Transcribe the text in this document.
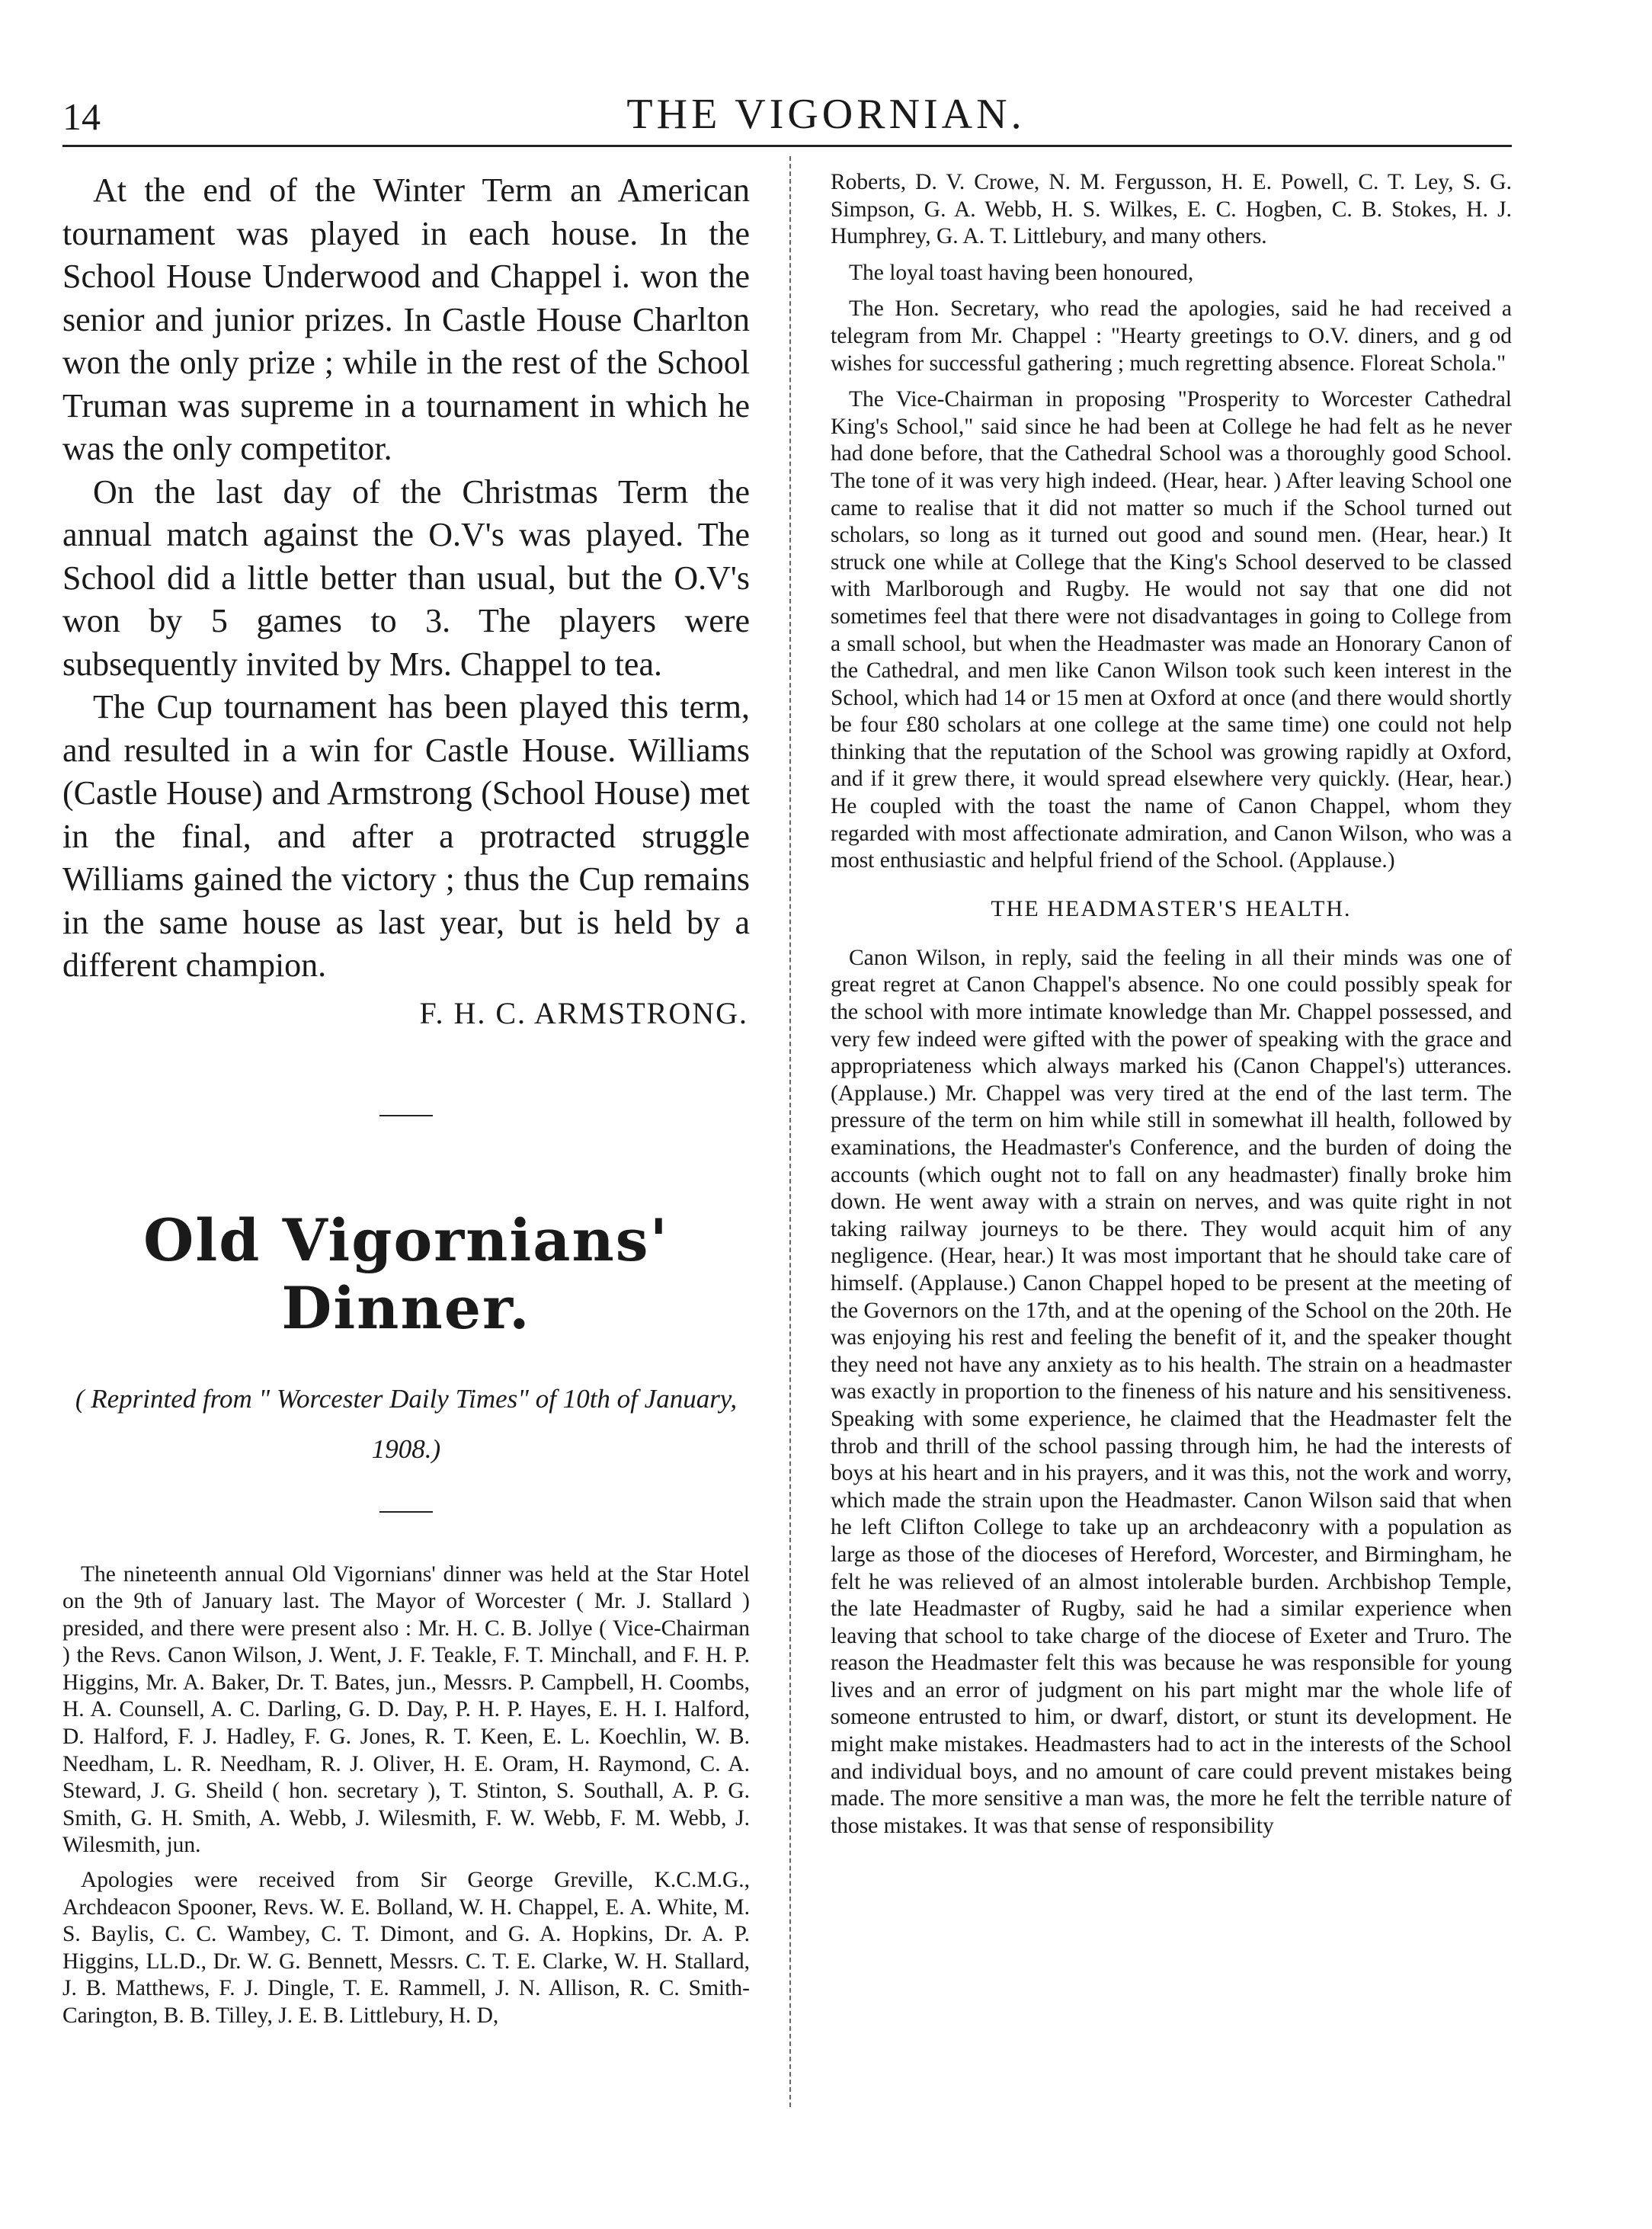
14	THE VIGORNIAN.

At the end of the Winter Term an American tournament was played in each house. In the School House Underwood and Chappel i. won the senior and junior prizes. In Castle House Charlton won the only prize ; while in the rest of the School Truman was supreme in a tournament in which he was the only competitor.

On the last day of the Christmas Term the annual match against the O.V's was played. The School did a little better than usual, but the O.V's won by 5 games to 3. The players were subsequently invited by Mrs. Chappel to tea.

The Cup tournament has been played this term, and resulted in a win for Castle House. Williams (Castle House) and Armstrong (School House) met in the final, and after a protracted struggle Williams gained the victory ; thus the Cup remains in the same house as last year, but is held by a different champion.

F. H. C. ARMSTRONG.
Old Vigornians' Dinner.
( Reprinted from " Worcester Daily Times" of 10th of January, 1908.)

The nineteenth annual Old Vigornians' dinner was held at the Star Hotel on the 9th of January last. The Mayor of Worcester ( Mr. J. Stallard ) presided, and there were present also : Mr. H. C. B. Jollye ( Vice-Chairman ) the Revs. Canon Wilson, J. Went, J. F. Teakle, F. T. Minchall, and F. H. P. Higgins, Mr. A. Baker, Dr. T. Bates, jun., Messrs. P. Campbell, H. Coombs, H. A. Counsell, A. C. Darling, G. D. Day, P. H. P. Hayes, E. H. I. Halford, D. Halford, F. J. Hadley, F. G. Jones, R. T. Keen, E. L. Koechlin, W. B. Needham, L. R. Needham, R. J. Oliver, H. E. Oram, H. Raymond, C. A. Steward, J. G. Sheild ( hon. secretary ), T. Stinton, S. Southall, A. P. G. Smith, G. H. Smith, A. Webb, J. Wilesmith, F. W. Webb, F. M. Webb, J. Wilesmith, jun.

Apologies were received from Sir George Greville, K.C.M.G., Archdeacon Spooner, Revs. W. E. Bolland, W. H. Chappel, E. A. White, M. S. Baylis, C. C. Wambey, C. T. Dimont, and G. A. Hopkins, Dr. A. P. Higgins, LL.D., Dr. W. G. Bennett, Messrs. C. T. E. Clarke, W. H. Stallard, J. B. Matthews, F. J. Dingle, T. E. Rammell, J. N. Allison, R. C. Smith- Carington, B. B. Tilley, J. E. B. Littlebury, H. D,

Roberts, D. V. Crowe, N. M. Fergusson, H. E. Powell, C. T. Ley, S. G. Simpson, G. A. Webb, H. S. Wilkes, E. C. Hogben, C. B. Stokes, H. J. Humphrey, G. A. T. Littlebury, and many others.

The loyal toast having been honoured,

The Hon. Secretary, who read the apologies, said he had received a telegram from Mr. Chappel : "Hearty greetings to O.V. diners, and g od wishes for successful gathering ; much regretting absence. Floreat Schola."

The Vice-Chairman in proposing "Prosperity to Worcester Cathedral King's School," said since he had been at College he had felt as he never had done before, that the Cathedral School was a thoroughly good School. The tone of it was very high indeed. (Hear, hear. ) After leaving School one came to realise that it did not matter so much if the School turned out scholars, so long as it turned out good and sound men. (Hear, hear.) It struck one while at College that the King's School deserved to be classed with Marlborough and Rugby. He would not say that one did not sometimes feel that there were not disadvantages in going to College from a small school, but when the Headmaster was made an Honorary Canon of the Cathedral, and men like Canon Wilson took such keen interest in the School, which had 14 or 15 men at Oxford at once (and there would shortly be four £80 scholars at one college at the same time) one could not help thinking that the reputation of the School was growing rapidly at Oxford, and if it grew there, it would spread elsewhere very quickly. (Hear, hear.) He coupled with the toast the name of Canon Chappel, whom they regarded with most affectionate admiration, and Canon Wilson, who was a most enthusiastic and helpful friend of the School. (Applause.)

THE HEADMASTER'S HEALTH.

Canon Wilson, in reply, said the feeling in all their minds was one of great regret at Canon Chappel's absence. No one could possibly speak for the school with more intimate knowledge than Mr. Chappel possessed, and very few indeed were gifted with the power of speaking with the grace and appropriateness which always marked his (Canon Chappel's) utterances. (Applause.) Mr. Chappel was very tired at the end of the last term. The pressure of the term on him while still in somewhat ill health, followed by examinations, the Headmaster's Conference, and the burden of doing the accounts (which ought not to fall on any headmaster) finally broke him down. He went away with a strain on nerves, and was quite right in not taking railway journeys to be there. They would acquit him of any negligence. (Hear, hear.) It was most important that he should take care of himself. (Applause.) Canon Chappel hoped to be present at the meeting of the Governors on the 17th, and at the opening of the School on the 20th. He was enjoying his rest and feeling the benefit of it, and the speaker thought they need not have any anxiety as to his health. The strain on a headmaster was exactly in proportion to the fineness of his nature and his sensitiveness. Speaking with some experience, he claimed that the Headmaster felt the throb and thrill of the school passing through him, he had the interests of boys at his heart and in his prayers, and it was this, not the work and worry, which made the strain upon the Headmaster. Canon Wilson said that when he left Clifton College to take up an archdeaconry with a population as large as those of the dioceses of Hereford, Worcester, and Birmingham, he felt he was relieved of an almost intolerable burden. Archbishop Temple, the late Headmaster of Rugby, said he had a similar experience when leaving that school to take charge of the diocese of Exeter and Truro. The reason the Headmaster felt this was because he was responsible for young lives and an error of judgment on his part might mar the whole life of someone entrusted to him, or dwarf, distort, or stunt its development. He might make mistakes. Headmasters had to act in the interests of the School and individual boys, and no amount of care could prevent mistakes being made. The more sensitive a man was, the more he felt the terrible nature of those mistakes. It was that sense of responsibility
